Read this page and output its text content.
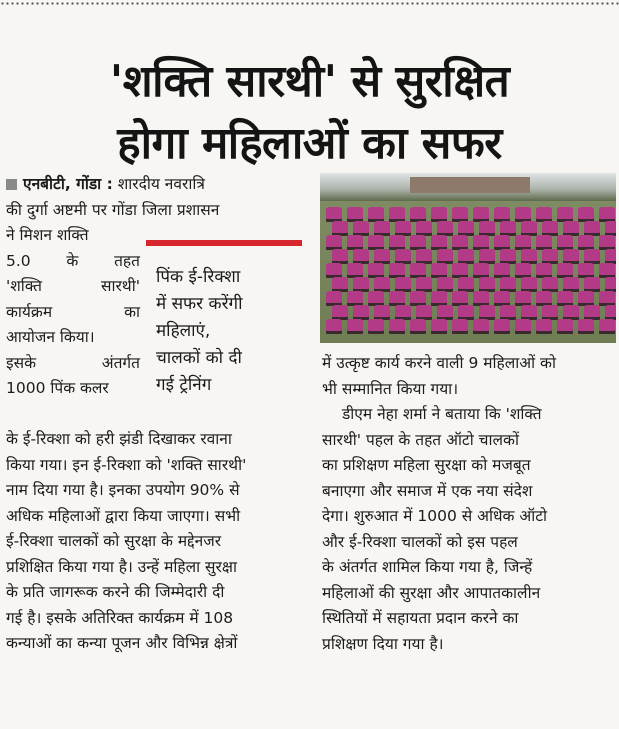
'शक्ति सारथी' से सुरक्षित
होगा महिलाओं का सफर

एनबीटी, गोंडा : शारदीय नवरात्रि

की दुर्गा अष्टमी पर गोंडा जिला प्रशासन

ने मिशन शक्ति
5.0 के तहत
'शक्ति सारथी'
कार्यक्रम का
आयोजन किया।
इसके अंतर्गत
1000 पिंक कलर
पिंक ई-रिक्शा
में सफर करेंगी
महिलाएं,
चालकों को दी
गई ट्रेनिंग
के ई-रिक्शा को हरी झंडी दिखाकर रवाना
किया गया। इन ई-रिक्शा को 'शक्ति सारथी'
नाम दिया गया है। इनका उपयोग 90% से
अधिक महिलाओं द्वारा किया जाएगा। सभी
ई-रिक्शा चालकों को सुरक्षा के मद्देनजर
प्रशिक्षित किया गया है। उन्हें महिला सुरक्षा
के प्रति जागरूक करने की जिम्मेदारी दी
गई है। इसके अतिरिक्त कार्यक्रम में 108
कन्याओं का कन्या पूजन और विभिन्न क्षेत्रों
में उत्कृष्ट कार्य करने वाली 9 महिलाओं को
भी सम्मानित किया गया।
डीएम नेहा शर्मा ने बताया कि 'शक्ति
सारथी' पहल के तहत ऑटो चालकों
का प्रशिक्षण महिला सुरक्षा को मजबूत
बनाएगा और समाज में एक नया संदेश
देगा। शुरुआत में 1000 से अधिक ऑटो
और ई-रिक्शा चालकों को इस पहल
के अंतर्गत शामिल किया गया है, जिन्हें
महिलाओं की सुरक्षा और आपातकालीन
स्थितियों में सहायता प्रदान करने का
प्रशिक्षण दिया गया है।
